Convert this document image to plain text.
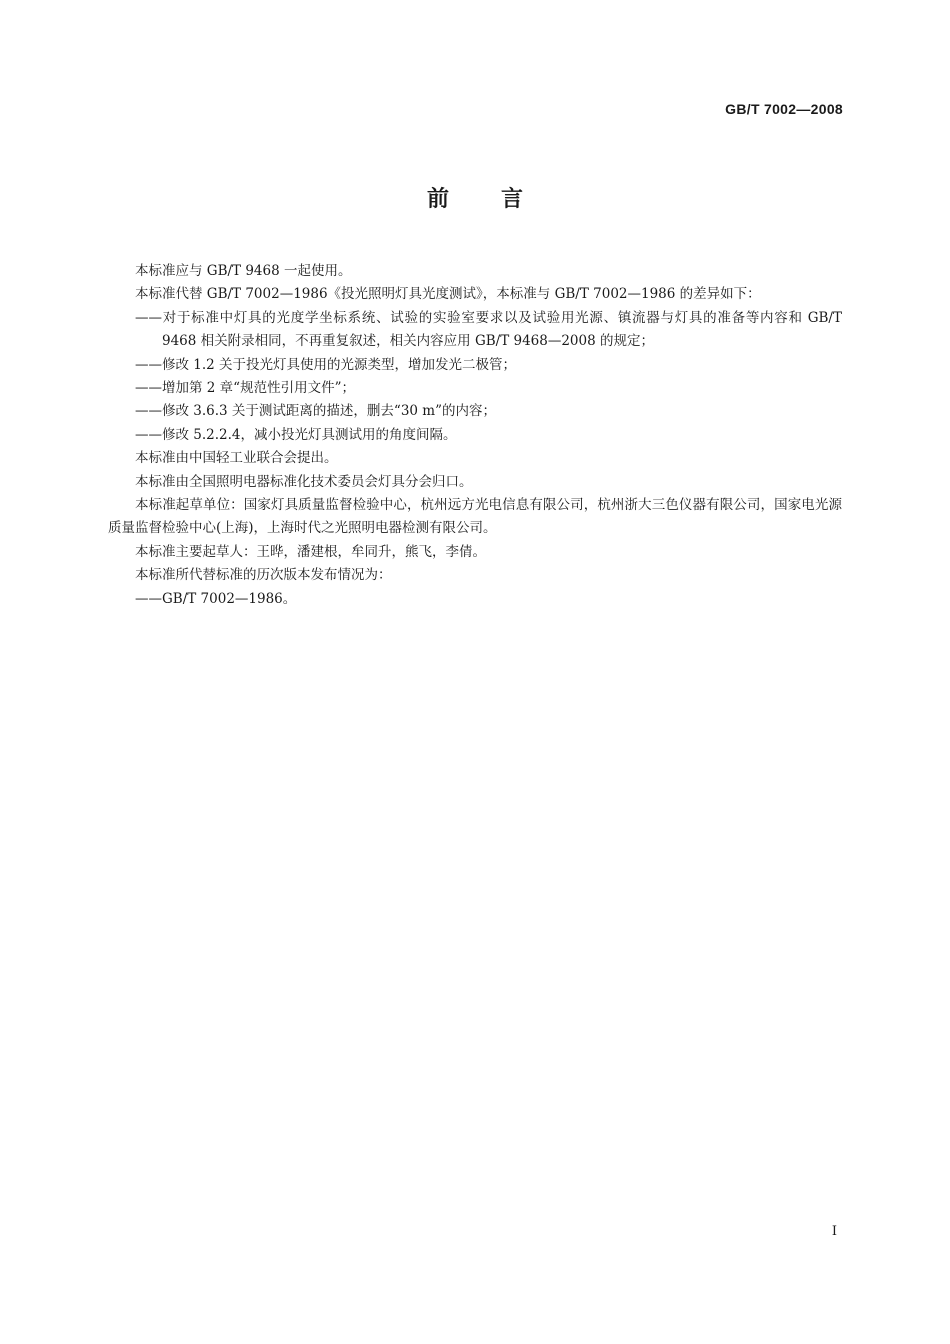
GB/T 7002—2008
前言

本标准应与 GB/T 9468 一起使用。

本标准代替 GB/T 7002—1986《投光照明灯具光度测试》，本标准与 GB/T 7002—1986 的差异如下：

——对于标准中灯具的光度学坐标系统、试验的实验室要求以及试验用光源、镇流器与灯具的准备等内容和 GB/T 9468 相关附录相同，不再重复叙述，相关内容应用 GB/T 9468—2008 的规定；

——修改 1.2 关于投光灯具使用的光源类型，增加发光二极管；

——增加第 2 章“规范性引用文件”；

——修改 3.6.3 关于测试距离的描述，删去“30 m”的内容；

——修改 5.2.2.4，减小投光灯具测试用的角度间隔。

本标准由中国轻工业联合会提出。

本标准由全国照明电器标准化技术委员会灯具分会归口。

本标准起草单位：国家灯具质量监督检验中心，杭州远方光电信息有限公司，杭州浙大三色仪器有限公司，国家电光源质量监督检验中心(上海)，上海时代之光照明电器检测有限公司。

本标准主要起草人：王晔，潘建根，牟同升，熊飞，李倩。

本标准所代替标准的历次版本发布情况为：

——GB/T 7002—1986。

Ⅰ
